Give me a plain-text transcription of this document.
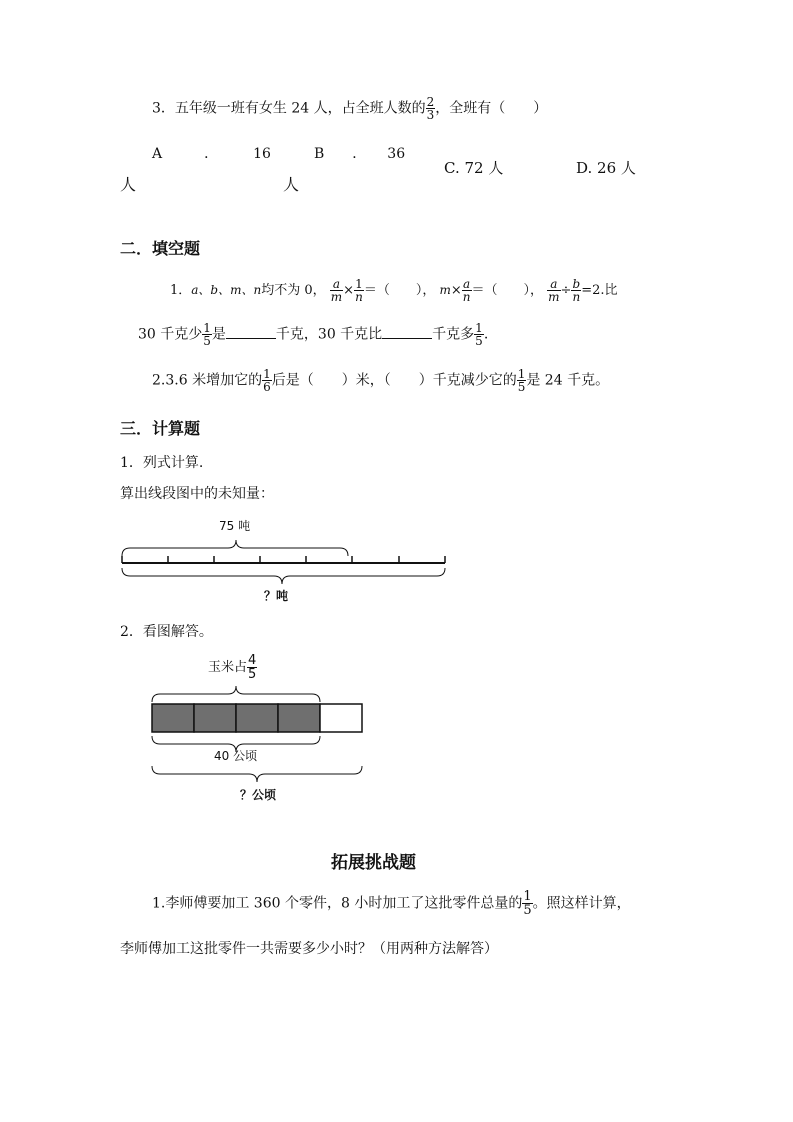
3．五年级一班有女生 24 人，占全班人数的 $\frac{2}{3}$ ，全班有（　　）
A　　　．　　　16	B　　．　　36
C. 72 人	D. 26 人
人	人
二．填空题
1．a、b、m、n均不为 0， $\frac{a}{m} \times \frac{1}{n}$ ＝（　　）， $m\times \frac{a}{n}$ ＝（　　）， $\frac{a}{m} \div \frac{b}{n} =2$.比
30 千克少 $\frac{1}{5}$ 是	千克，30 千克比	千克多 $\frac{1}{5}$ .
2.3.6 米增加它的 $\frac{1}{6}$ 后是（　　）米，（　　）千克减少它的 $\frac{1}{5}$ 是 24 千克。
三．计算题
1．列式计算.
算出线段图中的未知量：
75 吨
？吨
2．看图解答。
玉米占 $\frac{4}{5}$
40 公顷
？公顷
拓展挑战题
1.李师傅要加工 360 个零件，8 小时加工了这批零件总量的 $\frac{1}{5}$ 。照这样计算，
李师傅加工这批零件一共需要多少小时？（用两种方法解答）
